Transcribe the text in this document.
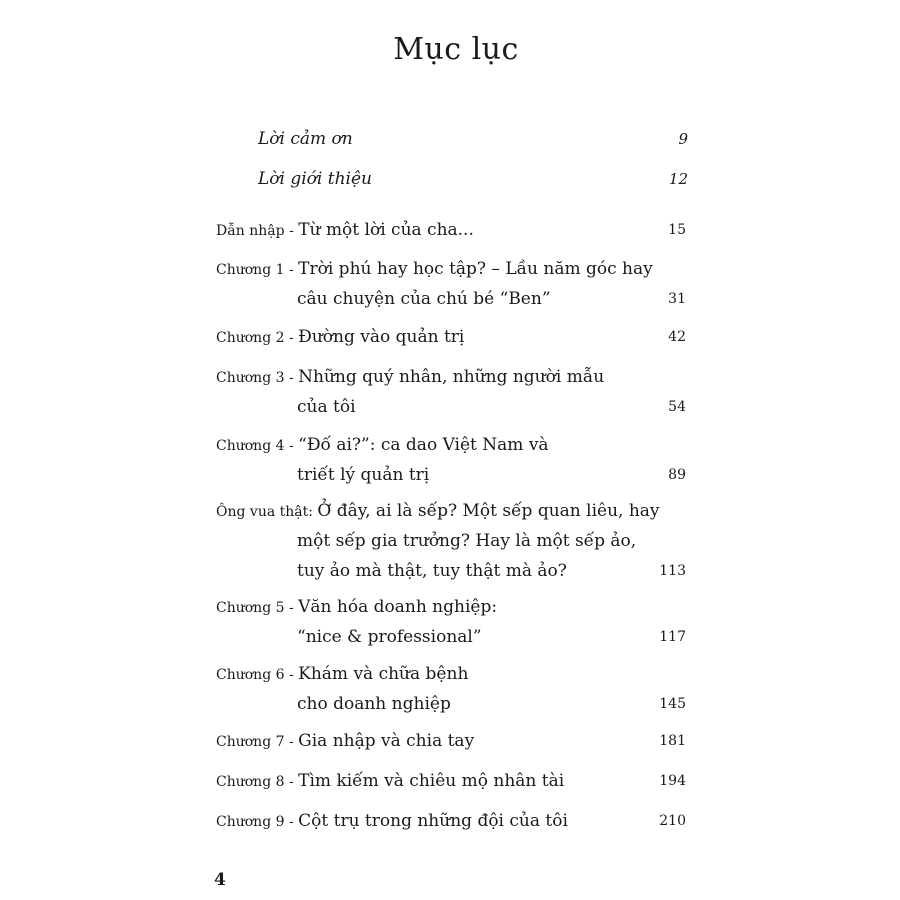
Mục lục
Lời cảm ơn	9
Lời giới thiệu	12
Dẫn nhập - Từ một lời của cha...	15
Chương 1 - Trời phú hay học tập? – Lầu năm góc hay
câu chuyện của chú bé “Ben”	31
Chương 2 - Đường vào quản trị	42
Chương 3 - Những quý nhân, những người mẫu
của tôi	54
Chương 4 - “Đố ai?”: ca dao Việt Nam và
triết lý quản trị	89
Ông vua thật: Ở đây, ai là sếp? Một sếp quan liêu, hay
một sếp gia trưởng? Hay là một sếp ảo,
tuy ảo mà thật, tuy thật mà ảo?	113
Chương 5 - Văn hóa doanh nghiệp:
“nice & professional”	117
Chương 6 - Khám và chữa bệnh
cho doanh nghiệp	145
Chương 7 - Gia nhập và chia tay	181
Chương 8 - Tìm kiếm và chiêu mộ nhân tài	194
Chương 9 - Cột trụ trong những đội của tôi	210
4
